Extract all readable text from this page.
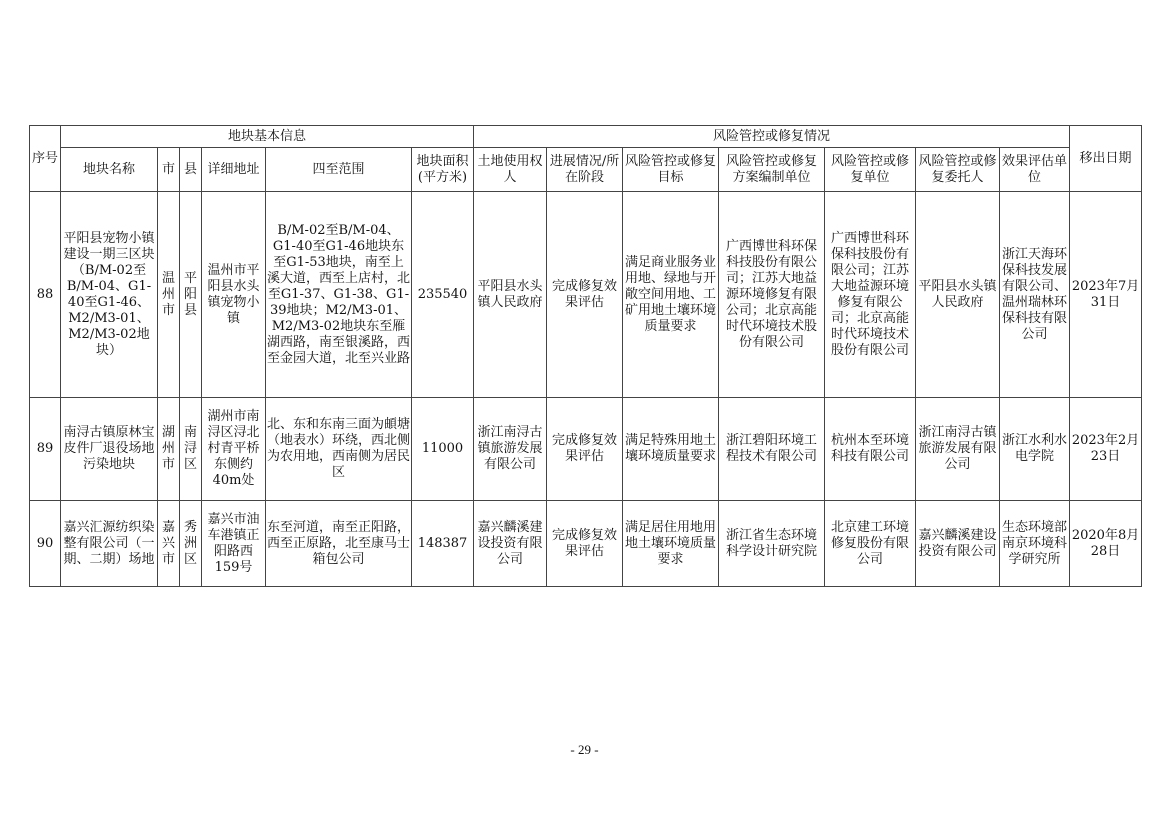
序号	地块基本信息						风险管控或修复情况							移出日期
	地块名称	市	县	详细地址	四至范围	地块面积(平方米)	土地使用权人	进展情况/所在阶段	风险管控或修复目标	风险管控或修复方案编制单位	风险管控或修复单位	风险管控或修复委托人	效果评估单位	
88	平阳县宠物小镇建设一期三区块（B/M-02至B/M-04、G1-40至G1-46、M2/M3-01、M2/M3-02地块）	温州市	平阳县	温州市平阳县水头镇宠物小镇	B/M-02至B/M-04、G1-40至G1-46地块东至G1-53地块，南至上溪大道，西至上店村，北至G1-37、G1-38、G1-39地块；M2/M3-01、M2/M3-02地块东至雁湖西路，南至银溪路，西至金园大道，北至兴业路	235540	平阳县水头镇人民政府	完成修复效果评估	满足商业服务业用地、绿地与开敞空间用地、工矿用地土壤环境质量要求	广西博世科环保科技股份有限公司；江苏大地益源环境修复有限公司；北京高能时代环境技术股份有限公司	广西博世科环保科技股份有限公司；江苏大地益源环境修复有限公司；北京高能时代环境技术股份有限公司	平阳县水头镇人民政府	浙江天海环保科技发展有限公司、温州瑞林环保科技有限公司	2023年7月31日
89	南浔古镇原林宝皮件厂退役场地污染地块	湖州市	南浔区	湖州市南浔区浔北村青平桥东侧约40m处	北、东和东南三面为頔塘（地表水）环绕，西北侧为农用地，西南侧为居民区	11000	浙江南浔古镇旅游发展有限公司	完成修复效果评估	满足特殊用地土壤环境质量要求	浙江碧阳环境工程技术有限公司	杭州本至环境科技有限公司	浙江南浔古镇旅游发展有限公司	浙江水利水电学院	2023年2月23日
90	嘉兴汇源纺织染整有限公司（一期、二期）场地	嘉兴市	秀洲区	嘉兴市油车港镇正阳路西159号	东至河道，南至正阳路，西至正原路，北至康马士箱包公司	148387	嘉兴麟溪建设投资有限公司	完成修复效果评估	满足居住用地用地土壤环境质量要求	浙江省生态环境科学设计研究院	北京建工环境修复股份有限公司	嘉兴麟溪建设投资有限公司	生态环境部南京环境科学研究所	2020年8月28日
- 29 -
